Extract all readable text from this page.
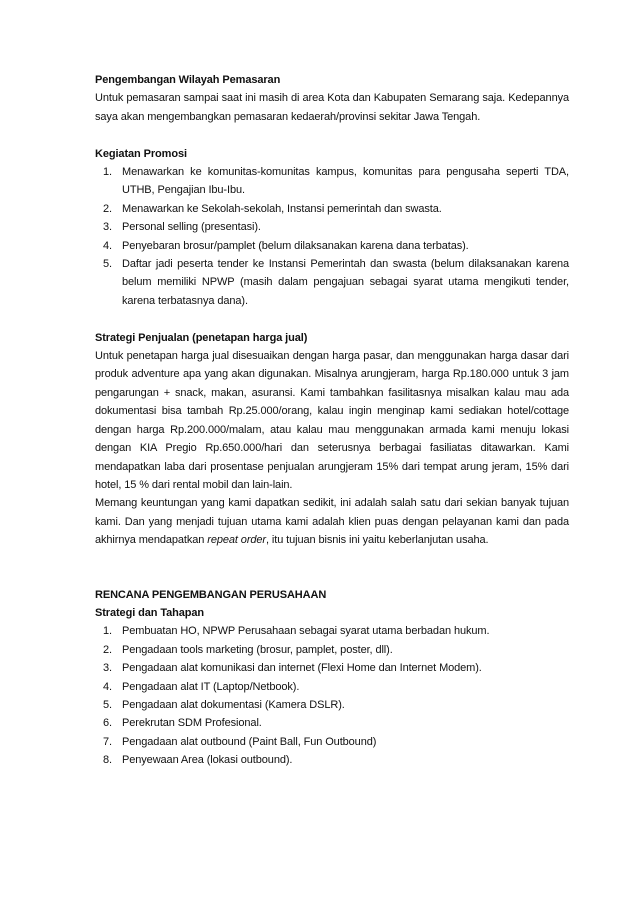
Pengembangan Wilayah Pemasaran

Untuk pemasaran sampai saat ini masih di area Kota dan Kabupaten Semarang saja. Kedepannya saya akan mengembangkan pemasaran kedaerah/provinsi sekitar Jawa Tengah.

Kegiatan Promosi
1. Menawarkan ke komunitas-komunitas kampus, komunitas para pengusaha seperti TDA, UTHB, Pengajian Ibu-Ibu.
2. Menawarkan ke Sekolah-sekolah, Instansi pemerintah dan swasta.
3. Personal selling (presentasi).
4. Penyebaran brosur/pamplet (belum dilaksanakan karena dana terbatas).
5. Daftar jadi peserta tender ke Instansi Pemerintah dan swasta (belum dilaksanakan karena belum memiliki NPWP (masih dalam pengajuan sebagai syarat utama mengikuti tender, karena terbatasnya dana).
Strategi Penjualan (penetapan harga jual)

Untuk penetapan harga jual disesuaikan dengan harga pasar, dan menggunakan harga dasar dari produk adventure apa yang akan digunakan. Misalnya arungjeram, harga Rp.180.000 untuk 3 jam pengarungan + snack, makan, asuransi. Kami tambahkan fasilitasnya misalkan kalau mau ada dokumentasi bisa tambah Rp.25.000/orang, kalau ingin menginap kami sediakan hotel/cottage dengan harga Rp.200.000/malam, atau kalau mau menggunakan armada kami menuju lokasi dengan KIA Pregio Rp.650.000/hari dan seterusnya berbagai fasiliatas ditawarkan. Kami mendapatkan laba dari prosentase penjualan arungjeram 15% dari tempat arung jeram, 15% dari hotel, 15 % dari rental mobil dan lain-lain.

Memang keuntungan yang kami dapatkan sedikit, ini adalah salah satu dari sekian banyak tujuan kami. Dan yang menjadi tujuan utama kami adalah klien puas dengan pelayanan kami dan pada akhirnya mendapatkan repeat order, itu tujuan bisnis ini yaitu keberlanjutan usaha.

RENCANA PENGEMBANGAN PERUSAHAAN
Strategi dan Tahapan
1. Pembuatan HO, NPWP Perusahaan sebagai syarat utama berbadan hukum.
2. Pengadaan tools marketing (brosur, pamplet, poster, dll).
3. Pengadaan alat komunikasi dan internet (Flexi Home dan Internet Modem).
4. Pengadaan alat IT (Laptop/Netbook).
5. Pengadaan alat dokumentasi (Kamera DSLR).
6. Perekrutan SDM Profesional.
7. Pengadaan alat outbound (Paint Ball, Fun Outbound)
8. Penyewaan Area (lokasi outbound).
